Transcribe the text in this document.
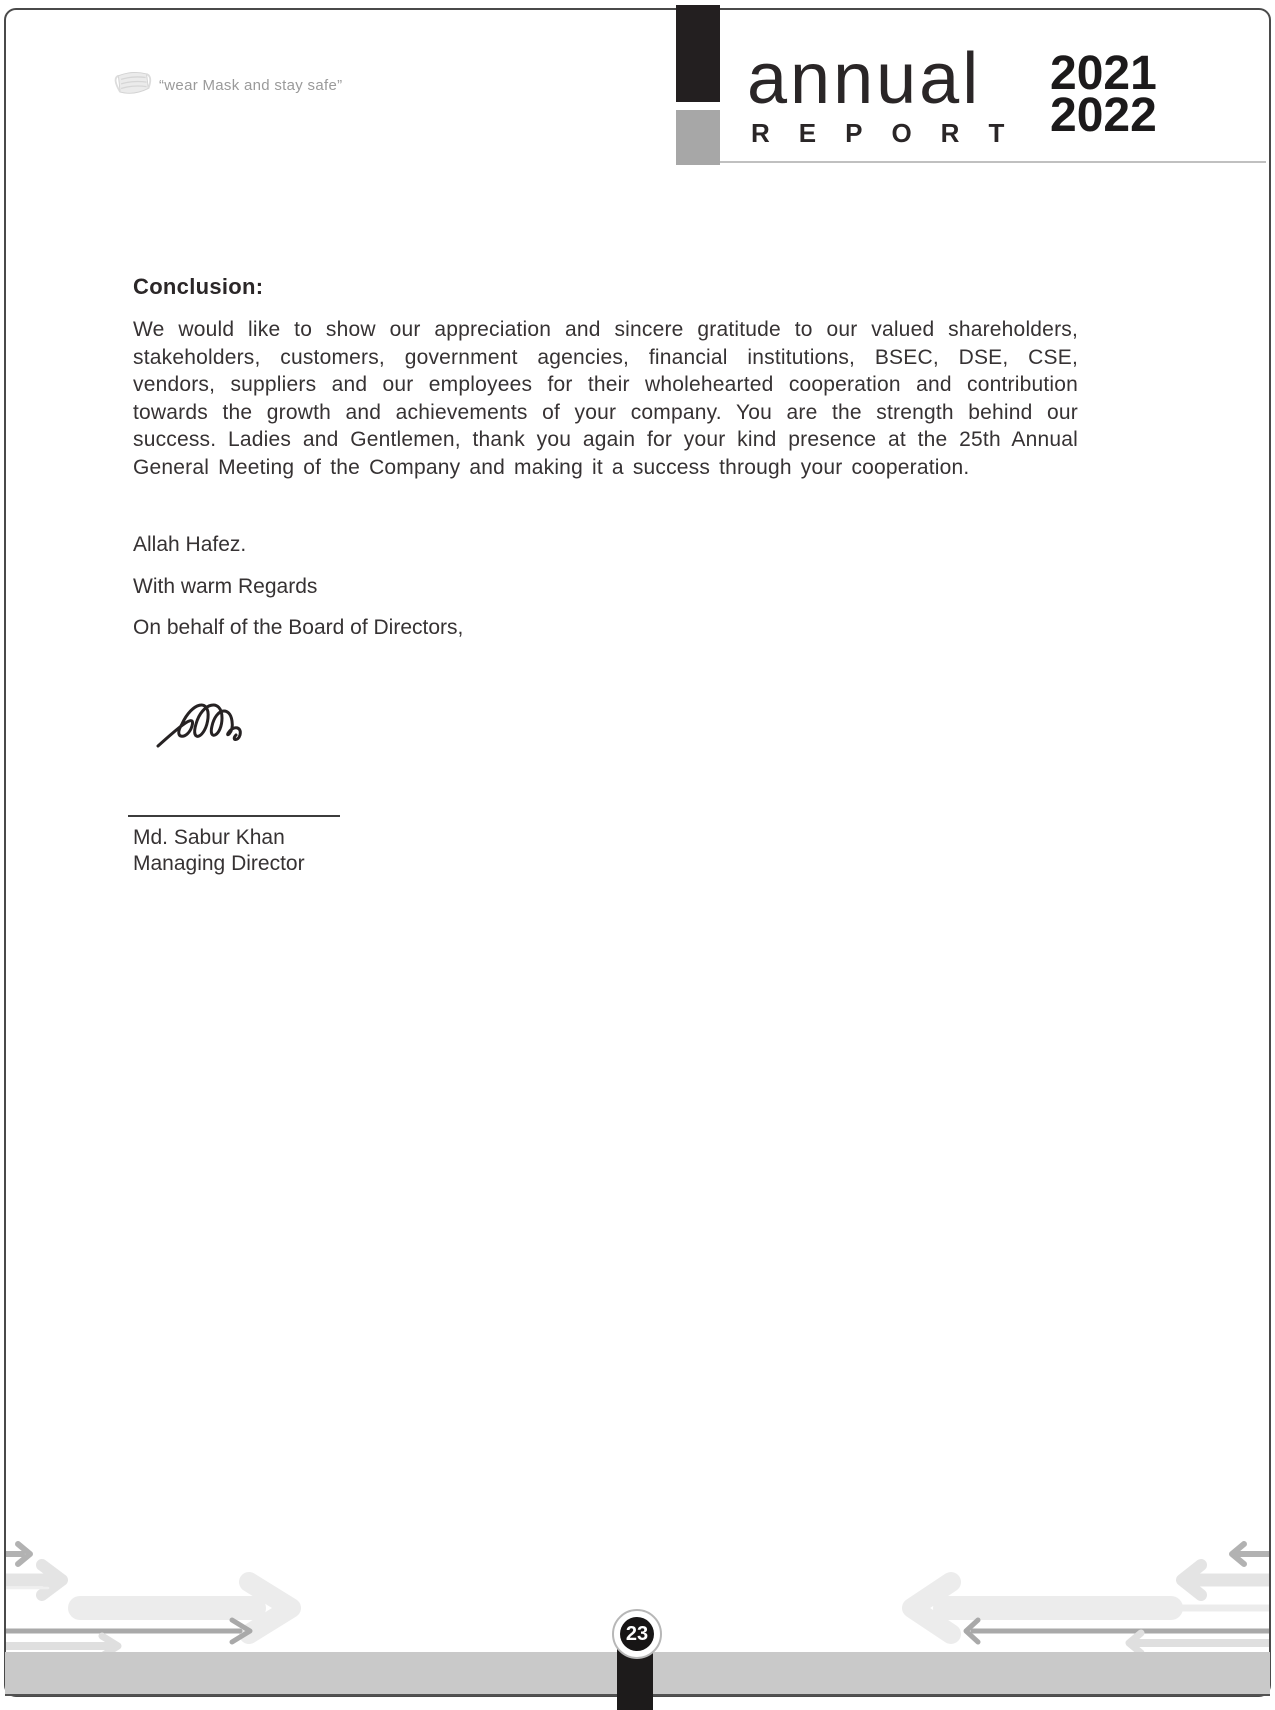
“wear Mask and stay safe”	annual
REPORT
2021
2022
Conclusion:
We would like to show our appreciation and sincere gratitude to our valued shareholders, stakeholders, customers, government agencies, financial institutions, BSEC, DSE, CSE, vendors, suppliers and our employees for their wholehearted cooperation and contribution towards the growth and achievements of your company. You are the strength behind our success. Ladies and Gentlemen, thank you again for your kind presence at the 25th Annual General Meeting of the Company and making it a success through your cooperation.
Allah Hafez.
With warm Regards
On behalf of the Board of Directors,
Md. Sabur Khan
Managing Director
23
